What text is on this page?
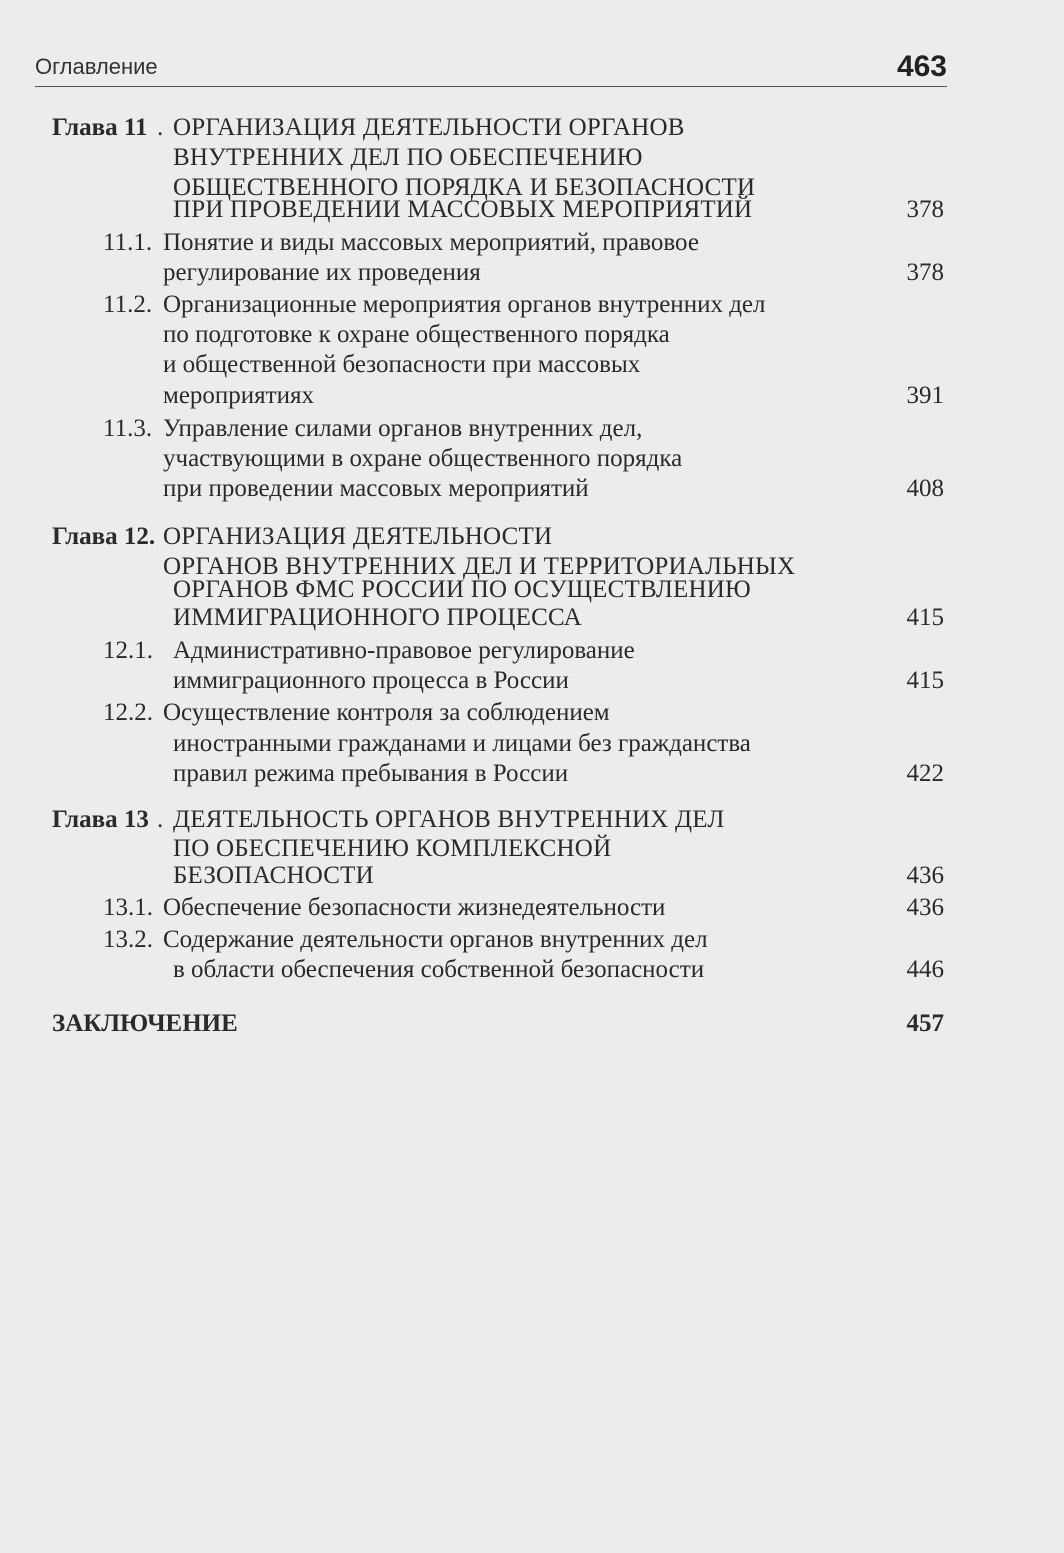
Оглавление	463
Глава 11 . ОРГАНИЗАЦИЯ ДЕЯТЕЛЬНОСТИ ОРГАНОВ
ВНУТРЕННИХ ДЕЛ ПО ОБЕСПЕЧЕНИЮ
ОБЩЕСТВЕННОГО ПОРЯДКА И БЕЗОПАСНОСТИ
ПРИ ПРОВЕДЕНИИ МАССОВЫХ МЕРОПРИЯТИЙ	378
11.1. Понятие и виды массовых мероприятий, правовое
регулирование их проведения	378
11.2. Организационные мероприятия органов внутренних дел
по подготовке к охране общественного порядка
и общественной безопасности при массовых
мероприятиях	391
11.3. Управление силами органов внутренних дел,
участвующими в охране общественного порядка
при проведении массовых мероприятий	408
Глава 12. ОРГАНИЗАЦИЯ ДЕЯТЕЛЬНОСТИ
ОРГАНОВ ВНУТРЕННИХ ДЕЛ И ТЕРРИТОРИАЛЬНЫХ
ОРГАНОВ ФМС РОССИИ ПО ОСУЩЕСТВЛЕНИЮ
ИММИГРАЦИОННОГО ПРОЦЕССА	415
12.1. Административно-правовое регулирование
иммиграционного процесса в России	415
12.2. Осуществление контроля за соблюдением
иностранными гражданами и лицами без гражданства
правил режима пребывания в России	422
Глава 13 . ДЕЯТЕЛЬНОСТЬ ОРГАНОВ ВНУТРЕННИХ ДЕЛ
ПО ОБЕСПЕЧЕНИЮ КОМПЛЕКСНОЙ
БЕЗОПАСНОСТИ	436
13.1. Обеспечение безопасности жизнедеятельности	436
13.2. Содержание деятельности органов внутренних дел
в области обеспечения собственной безопасности	446
ЗАКЛЮЧЕНИЕ	457
